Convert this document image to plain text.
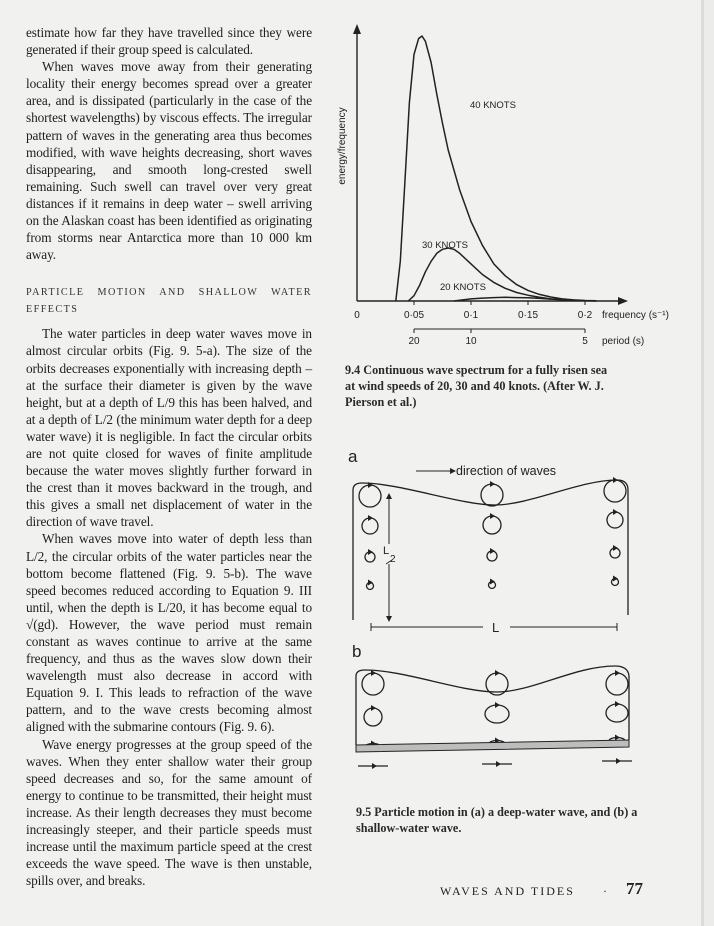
estimate how far they have travelled since they were generated if their group speed is calculated.

When waves move away from their generating locality their energy becomes spread over a greater area, and is dissipated (particularly in the case of the shortest wavelengths) by viscous effects. The irregular pattern of waves in the generating area thus becomes modified, with wave heights decreasing, short waves disappearing, and smooth long-crested swell remaining. Such swell can travel over very great distances if it remains in deep water – swell arriving on the Alaskan coast has been identified as originating from storms near Antarctica more than 10 000 km away.

PARTICLE MOTION AND SHALLOW WATER EFFECTS

The water particles in deep water waves move in almost circular orbits (Fig. 9. 5-a). The size of the orbits decreases exponentially with increasing depth – at the surface their diameter is given by the wave height, but at a depth of L/9 this has been halved, and at a depth of L/2 (the minimum water depth for a deep water wave) it is negligible. In fact the circular orbits are not quite closed for waves of finite amplitude because the water moves slightly further forward in the crest than it moves backward in the trough, and this gives a small net displacement of water in the direction of wave travel.

When waves move into water of depth less than L/2, the circular orbits of the water particles near the bottom become flattened (Fig. 9. 5-b). The wave speed becomes reduced according to Equation 9. III until, when the depth is L/20, it has become equal to √(gd). However, the wave period must remain constant as waves continue to arrive at the same frequency, and thus as the waves slow down their wavelength must also decrease in accord with Equation 9. I. This leads to refraction of the wave pattern, and to the wave crests becoming almost aligned with the submarine contours (Fig. 9. 6).

Wave energy progresses at the group speed of the waves. When they enter shallow water their group speed decreases and so, for the same amount of energy to continue to be transmitted, their height must increase. As their length decreases they must become increasingly steeper, and their particle speeds must increase until the maximum particle speed at the crest exceeds the wave speed. The wave is then unstable, spills over, and breaks.

0	0·05	0·1	0·15	0·2 frequency (s⁻¹)
20	10	5 period (s)
energy/frequency
40 KNOTS
30 KNOTS
20 KNOTS
9.4 Continuous wave spectrum for a fully risen sea at wind speeds of 20, 30 and 40 knots. (After W. J. Pierson et al.)
a
direction of waves
L
2
L
b
9.5 Particle motion in (a) a deep-water wave, and (b) a shallow-water wave.
WAVES AND TIDES · 77
